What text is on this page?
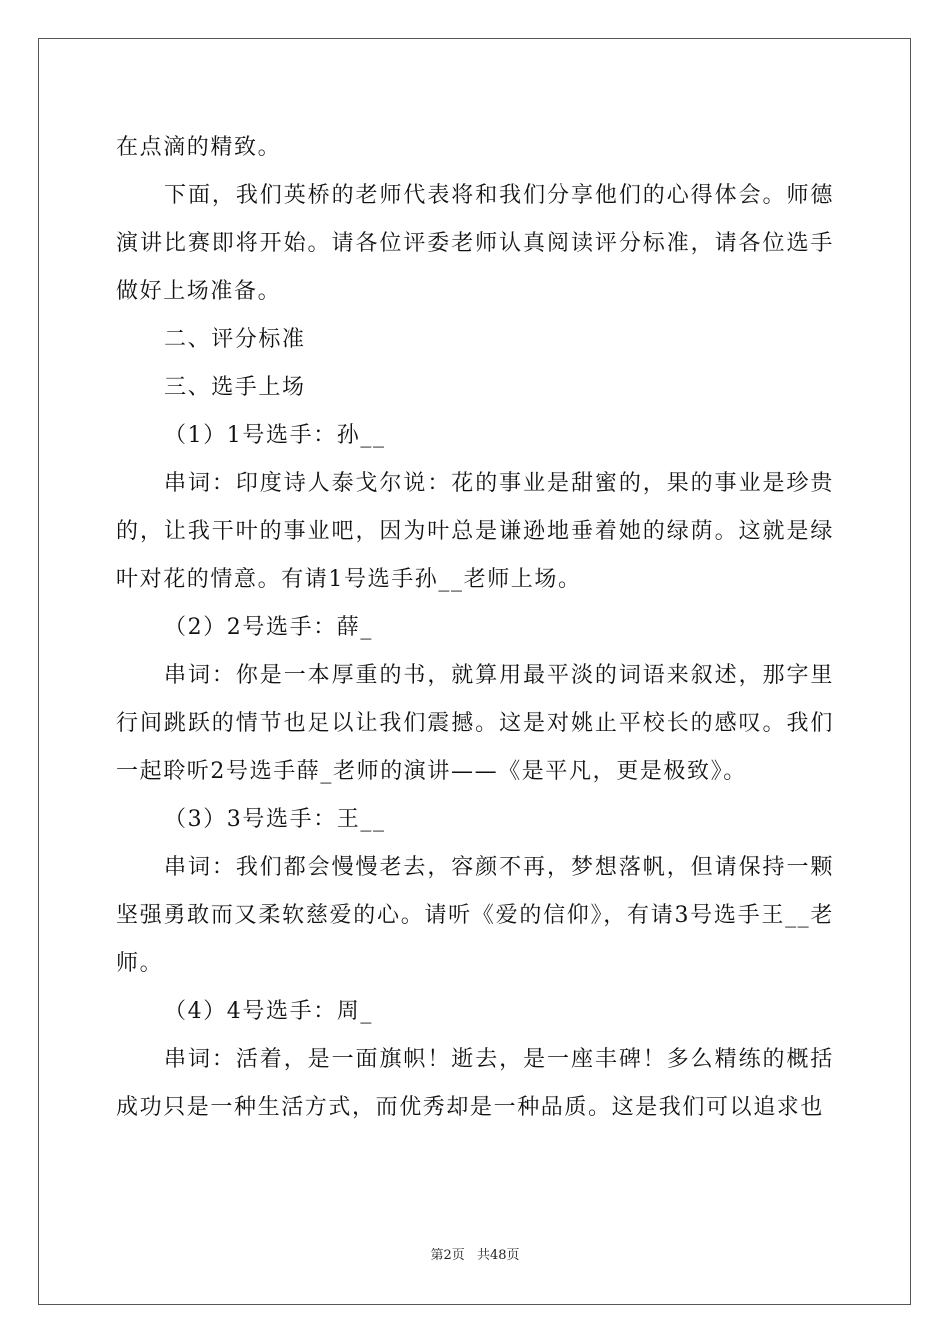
在点滴的精致。

下面，我们英桥的老师代表将和我们分享他们的心得体会。师德演讲比赛即将开始。请各位评委老师认真阅读评分标准，请各位选手做好上场准备。

二、评分标准

三、选手上场

（1）1号选手：孙__

串词：印度诗人泰戈尔说：花的事业是甜蜜的，果的事业是珍贵的，让我干叶的事业吧，因为叶总是谦逊地垂着她的绿荫。这就是绿叶对花的情意。有请1号选手孙__老师上场。

（2）2号选手：薛_

串词：你是一本厚重的书，就算用最平淡的词语来叙述，那字里行间跳跃的情节也足以让我们震撼。这是对姚止平校长的感叹。我们一起聆听2号选手薛_老师的演讲——《是平凡，更是极致》。

（3）3号选手：王__

串词：我们都会慢慢老去，容颜不再，梦想落帆，但请保持一颗坚强勇敢而又柔软慈爱的心。请听《爱的信仰》，有请3号选手王__老师。

（4）4号选手：周_

串词：活着，是一面旗帜！逝去，是一座丰碑！多么精练的概括成功只是一种生活方式，而优秀却是一种品质。这是我们可以追求也

第2页 共48页
